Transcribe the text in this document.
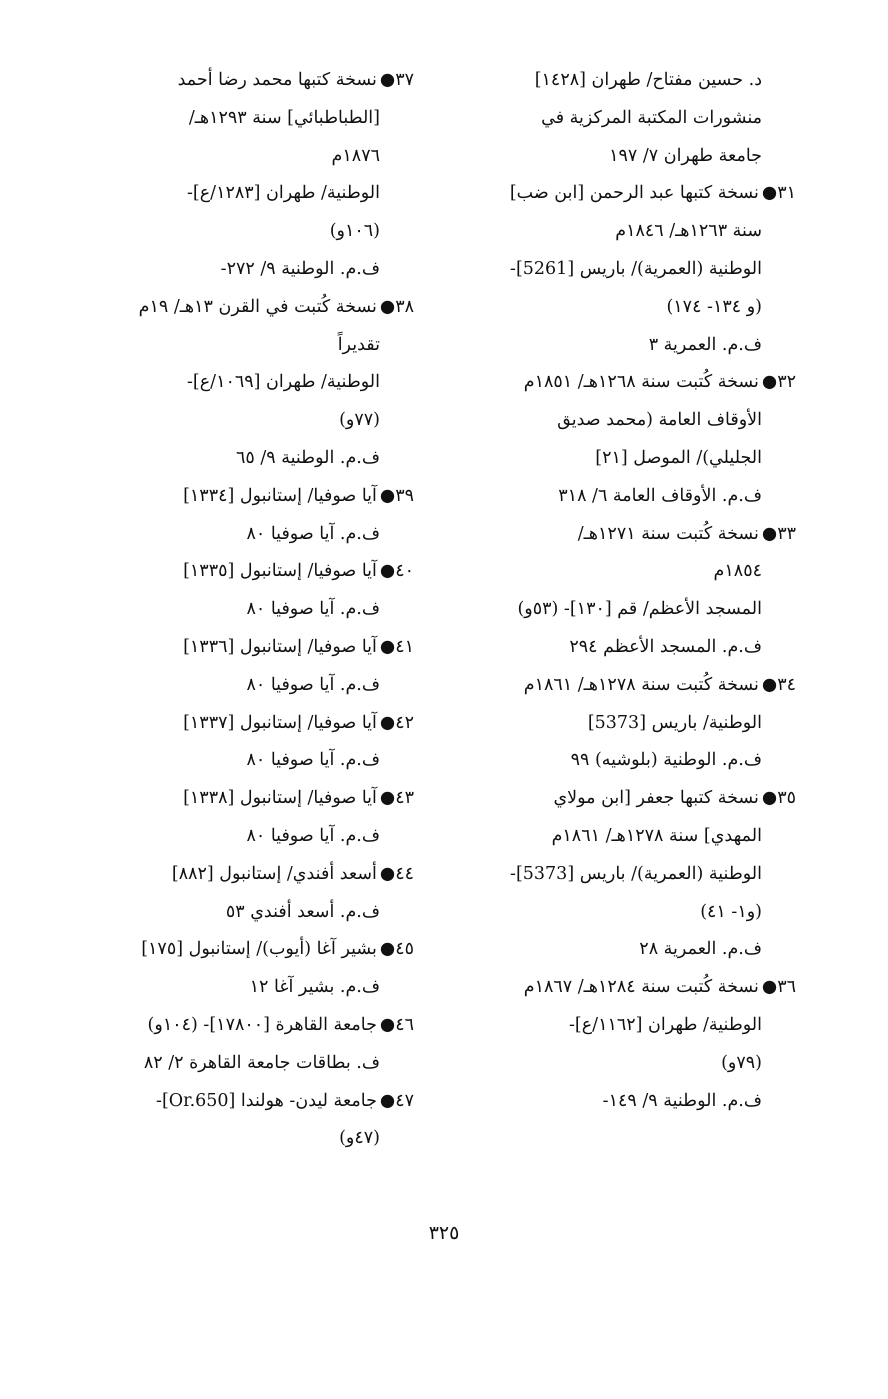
د. حسين مفتاح/ طهران [١٤٢٨]
منشورات المكتبة المركزية في
جامعة طهران ٧/ ١٩٧
٣١●نسخة كتبها عبد الرحمن [ابن ضب]
سنة ١٢٦٣هـ/ ١٨٤٦م
الوطنية (العمرية)/ باريس [5261]-
(و ١٣٤- ١٧٤)
ف.م. العمرية ٣
٣٢●نسخة كُتبت سنة ١٢٦٨هـ/ ١٨٥١م
الأوقاف العامة (محمد صديق
الجليلي)/ الموصل [٢١]
ف.م. الأوقاف العامة ٦/ ٣١٨
٣٣●نسخة كُتبت سنة ١٢٧١هـ/
١٨٥٤م
المسجد الأعظم/ قم [١٣٠]- (٥٣و)
ف.م. المسجد الأعظم ٢٩٤
٣٤●نسخة كُتبت سنة ١٢٧٨هـ/ ١٨٦١م
الوطنية/ باريس [5373]
ف.م. الوطنية (بلوشيه) ٩٩
٣٥●نسخة كتبها جعفر [ابن مولاي
المهدي] سنة ١٢٧٨هـ/ ١٨٦١م
الوطنية (العمرية)/ باريس [5373]-
(و١- ٤١)
ف.م. العمرية ٢٨
٣٦●نسخة كُتبت سنة ١٢٨٤هـ/ ١٨٦٧م
الوطنية/ طهران [١١٦٢/ع]-
(٧٩و)
ف.م. الوطنية ٩/ ١٤٩-
٣٧●نسخة كتبها محمد رضا أحمد
[الطباطبائي] سنة ١٢٩٣هـ/
١٨٧٦م
الوطنية/ طهران [١٢٨٣/ع]-
(١٠٦و)
ف.م. الوطنية ٩/ ٢٧٢-
٣٨●نسخة كُتبت في القرن ١٣هـ/ ١٩م
تقديراً
الوطنية/ طهران [١٠٦٩/ع]-
(٧٧و)
ف.م. الوطنية ٩/ ٦٥
٣٩●آيا صوفيا/ إستانبول [١٣٣٤]
ف.م. آيا صوفيا ٨٠
٤٠●آيا صوفيا/ إستانبول [١٣٣٥]
ف.م. آيا صوفيا ٨٠
٤١●آيا صوفيا/ إستانبول [١٣٣٦]
ف.م. آيا صوفيا ٨٠
٤٢●آيا صوفيا/ إستانبول [١٣٣٧]
ف.م. آيا صوفيا ٨٠
٤٣●آيا صوفيا/ إستانبول [١٣٣٨]
ف.م. آيا صوفيا ٨٠
٤٤●أسعد أفندي/ إستانبول [٨٨٢]
ف.م. أسعد أفندي ٥٣
٤٥●بشير آغا (أيوب)/ إستانبول [١٧٥]
ف.م. بشير آغا ١٢
٤٦●جامعة القاهرة [١٧٨٠٠]- (١٠٤و)
ف. بطاقات جامعة القاهرة ٢/ ٨٢
٤٧●جامعة ليدن- هولندا [Or.650]-
(٤٧و)
٣٢٥
